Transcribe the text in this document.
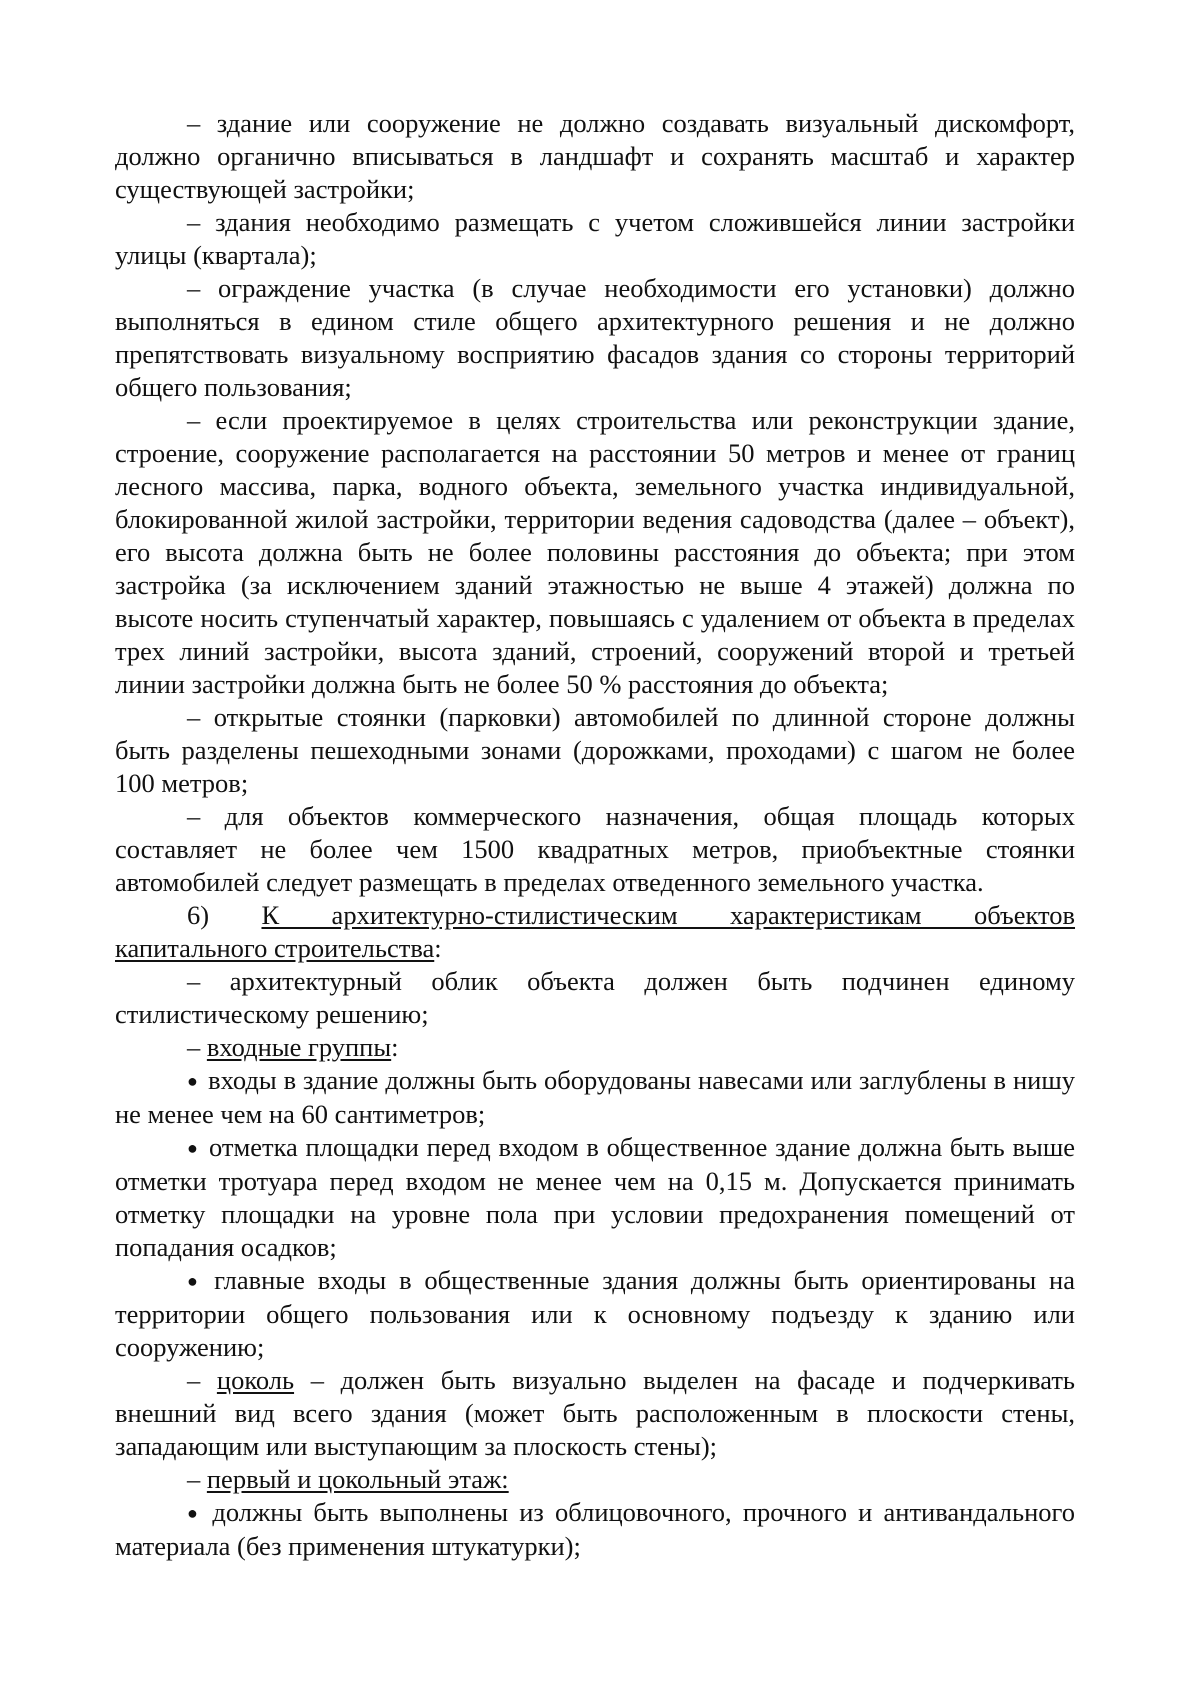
– здание или сооружение не должно создавать визуальный дискомфорт, должно органично вписываться в ландшафт и сохранять масштаб и характер существующей застройки;

– здания необходимо размещать с учетом сложившейся линии застройки улицы (квартала);

– ограждение участка (в случае необходимости его установки) должно выполняться в едином стиле общего архитектурного решения и не должно препятствовать визуальному восприятию фасадов здания со стороны территорий общего пользования;

– если проектируемое в целях строительства или реконструкции здание, строение, сооружение располагается на расстоянии 50 метров и менее от границ лесного массива, парка, водного объекта, земельного участка индивидуальной, блокированной жилой застройки, территории ведения садоводства (далее – объект), его высота должна быть не более половины расстояния до объекта; при этом застройка (за исключением зданий этажностью не выше 4 этажей) должна по высоте носить ступенчатый характер, повышаясь с удалением от объекта в пределах трех линий застройки, высота зданий, строений, сооружений второй и третьей линии застройки должна быть не более 50 % расстояния до объекта;

– открытые стоянки (парковки) автомобилей по длинной стороне должны быть разделены пешеходными зонами (дорожками, проходами) с шагом не более 100 метров;

– для объектов коммерческого назначения, общая площадь которых составляет не более чем 1500 квадратных метров, приобъектные стоянки автомобилей следует размещать в пределах отведенного земельного участка.

6) К архитектурно-стилистическим характеристикам объектов

капитального строительства:

– архитектурный облик объекта должен быть подчинен единому стилистическому решению;

– входные группы:

● входы в здание должны быть оборудованы навесами или заглублены в нишу не менее чем на 60 сантиметров;

● отметка площадки перед входом в общественное здание должна быть выше отметки тротуара перед входом не менее чем на 0,15 м. Допускается принимать отметку площадки на уровне пола при условии предохранения помещений от попадания осадков;

● главные входы в общественные здания должны быть ориентированы на территории общего пользования или к основному подъезду к зданию или сооружению;

– цоколь – должен быть визуально выделен на фасаде и подчеркивать внешний вид всего здания (может быть расположенным в плоскости стены, западающим или выступающим за плоскость стены);

– первый и цокольный этаж:

● должны быть выполнены из облицовочного, прочного и антивандального материала (без применения штукатурки);
